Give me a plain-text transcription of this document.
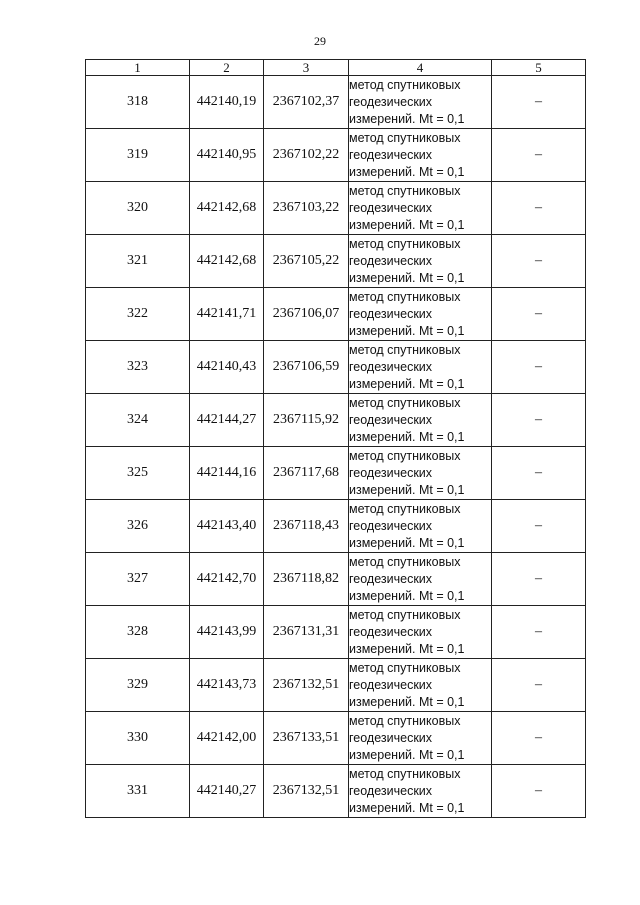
29
1	2	3	4	5
318	442140,19	2367102,37	метод спутниковых
геодезических
измерений. Mt = 0,1	–
319	442140,95	2367102,22	метод спутниковых
геодезических
измерений. Mt = 0,1	–
320	442142,68	2367103,22	метод спутниковых
геодезических
измерений. Mt = 0,1	–
321	442142,68	2367105,22	метод спутниковых
геодезических
измерений. Mt = 0,1	–
322	442141,71	2367106,07	метод спутниковых
геодезических
измерений. Mt = 0,1	–
323	442140,43	2367106,59	метод спутниковых
геодезических
измерений. Mt = 0,1	–
324	442144,27	2367115,92	метод спутниковых
геодезических
измерений. Mt = 0,1	–
325	442144,16	2367117,68	метод спутниковых
геодезических
измерений. Mt = 0,1	–
326	442143,40	2367118,43	метод спутниковых
геодезических
измерений. Mt = 0,1	–
327	442142,70	2367118,82	метод спутниковых
геодезических
измерений. Mt = 0,1	–
328	442143,99	2367131,31	метод спутниковых
геодезических
измерений. Mt = 0,1	–
329	442143,73	2367132,51	метод спутниковых
геодезических
измерений. Mt = 0,1	–
330	442142,00	2367133,51	метод спутниковых
геодезических
измерений. Mt = 0,1	–
331	442140,27	2367132,51	метод спутниковых
геодезических
измерений. Mt = 0,1	–
